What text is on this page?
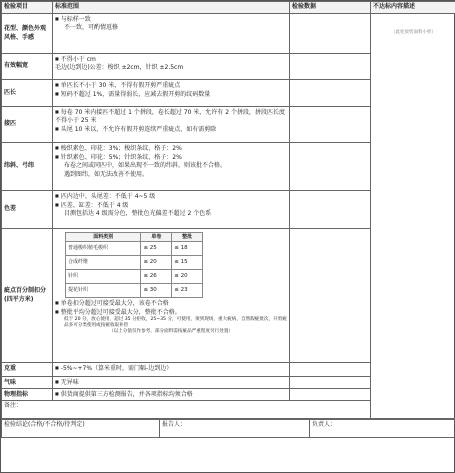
检验项目	标准范围	检验数据	不达标内容描述
花型、颜色外观风格、手感	
■ 与标样一致
不一致，可酌情返修

（此处放剪面料小样）

有效幅宽	
■ 不得小于 cm
毛边(边到边)公差：梭织 ±2cm，针织 ±2.5cm

匹长	
■ 单匹长不小于 30 米，不得有假开剪严重疵点
■ 短码不超过 1%，需量得弱长，应减去假开剪的纹码数量

接匹	
■ 每卷 70 米内接匹不超过 1 个拼段，卷长超过 70 米，允许有 2 个拼段，拼段匹长度不得小于 25 米
■ 头尾 10 米以，不允许有假开剪连续严重疵点，如有需剪除

纬斜、弓纬	
■ 梭织素色、印花：3%；梭织条纹、格子：2%
■ 针织素色、印花：5%；针织条纹、格子：2%
布卷之间或同匹中，如果出现不一致的纬斜，则该批不合格。
遇到图纬，如无法改善不使用。

色差	
■ 匹内边中、头尾差：不低于 4~5 级
■ 匹差、缸差：不低于 4 级
目测包括达 4 级需分色，整批色光偏差不超过 2 个色系

疵点百分制扣分(四平方米)	
面料类别	单卷	整批
普通梭织植毛梭织	≤ 25	≤ 18
合成纤维	≤ 20	≤ 15
针织	≤ 26	≤ 20
提花针织	≤ 30	≤ 23
■ 单卷扣分超过可接受最大分，该卷不合格
■ 整批平均分超过可接受最大分，整批不合格。
低于 20 分，放心使用，超过 35 分拒收，25~35 分，可使用，须到现场，重大疵病，自然瑕疵批次，开剪疵品多可分类使用或按疵收取补偿
（以上分值仅作参考，部分面料需按疵品严重程度另行处置）

克重	
■-5%~+7%（算米重时，需门幅-边到边）

气味	
■无异味

物理指标	
■供货商提供第三方检测报告，并各项指标均须合格

备注：
检验结论(合格/不合格/待判定)	报告人：	负责人：
